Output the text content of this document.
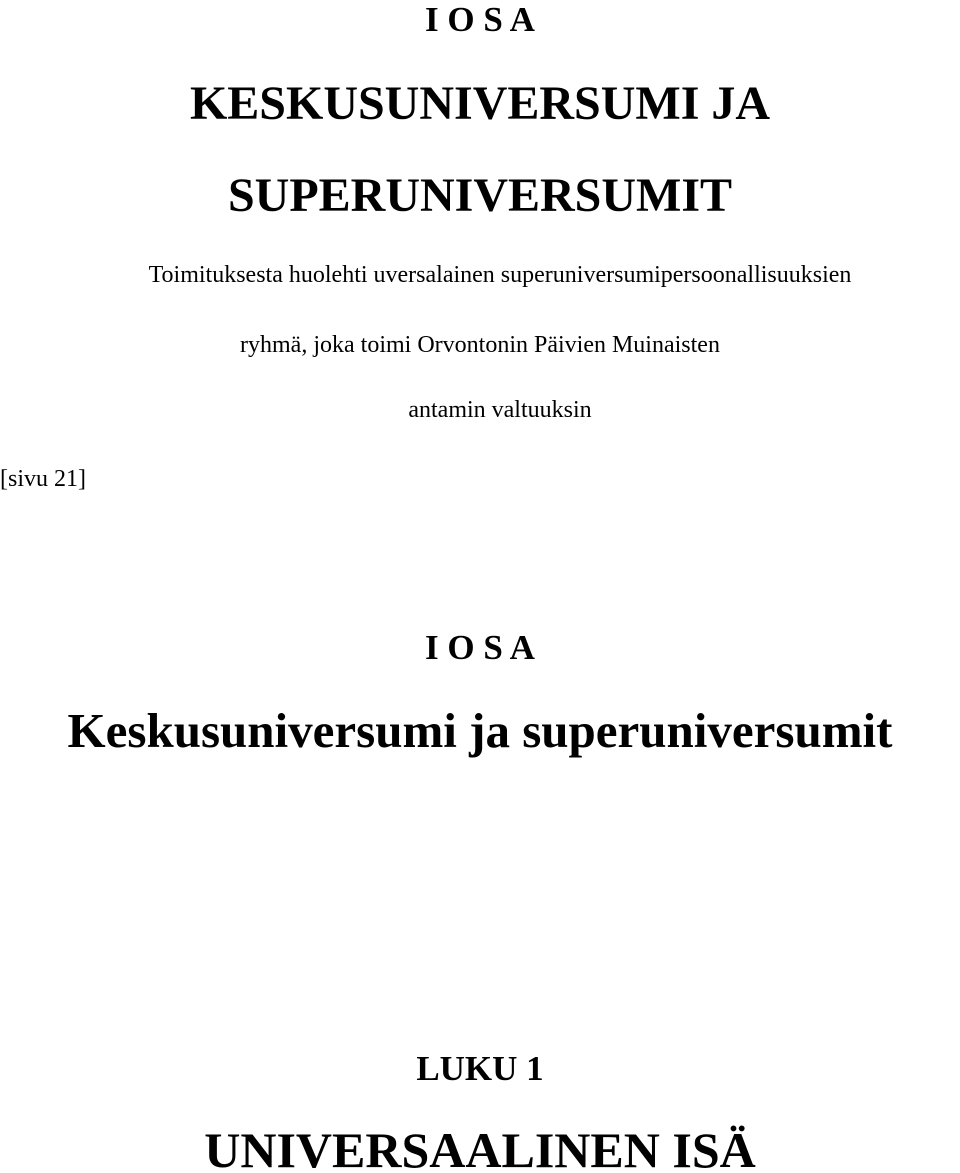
I O S A
KESKUSUNIVERSUMI JA
SUPERUNIVERSUMIT

Toimituksesta huolehti uversalainen superuniversumipersoonallisuuksien

ryhmä, joka toimi Orvontonin Päivien Muinaisten

antamin valtuuksin

[sivu 21]
I O S A
Keskusuniversumi ja superuniversumit
LUKU 1
UNIVERSAALINEN ISÄ
